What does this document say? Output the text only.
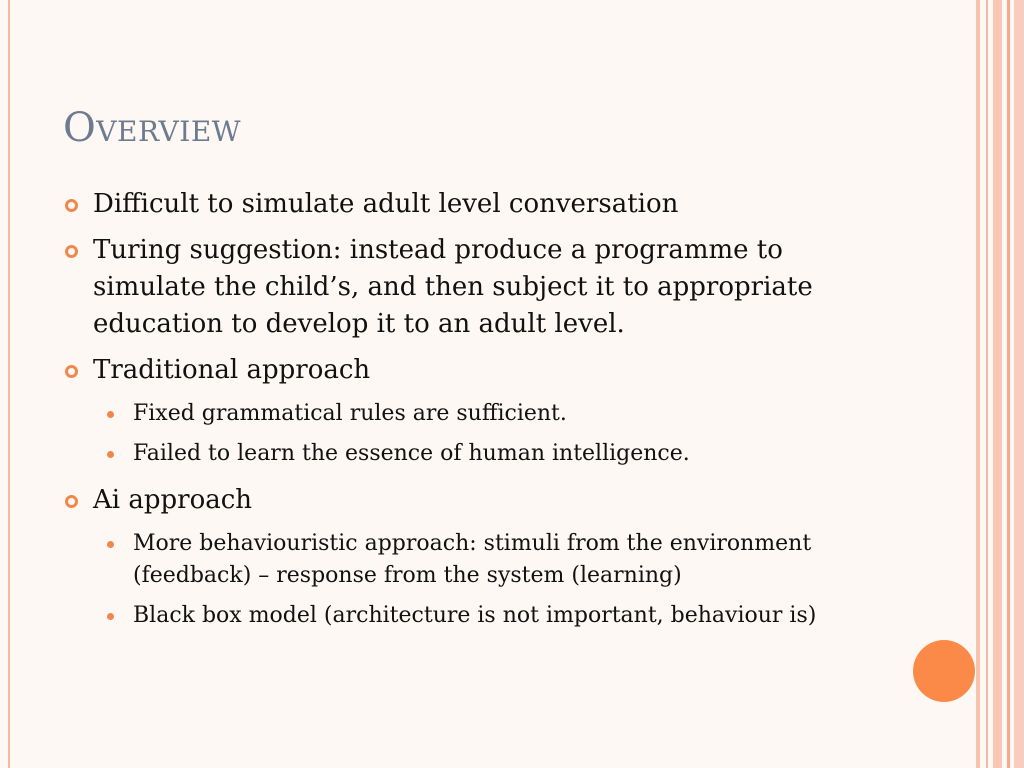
Overview
Difficult to simulate adult level conversation
Turing suggestion: instead produce a programme to simulate the child’s, and then subject it to appropriate education to develop it to an adult level.
Traditional approach
Fixed grammatical rules are sufficient.
Failed to learn the essence of human intelligence.
Ai approach
More behaviouristic approach: stimuli from the environment (feedback) – response from the system (learning)
Black box model (architecture is not important, behaviour is)
